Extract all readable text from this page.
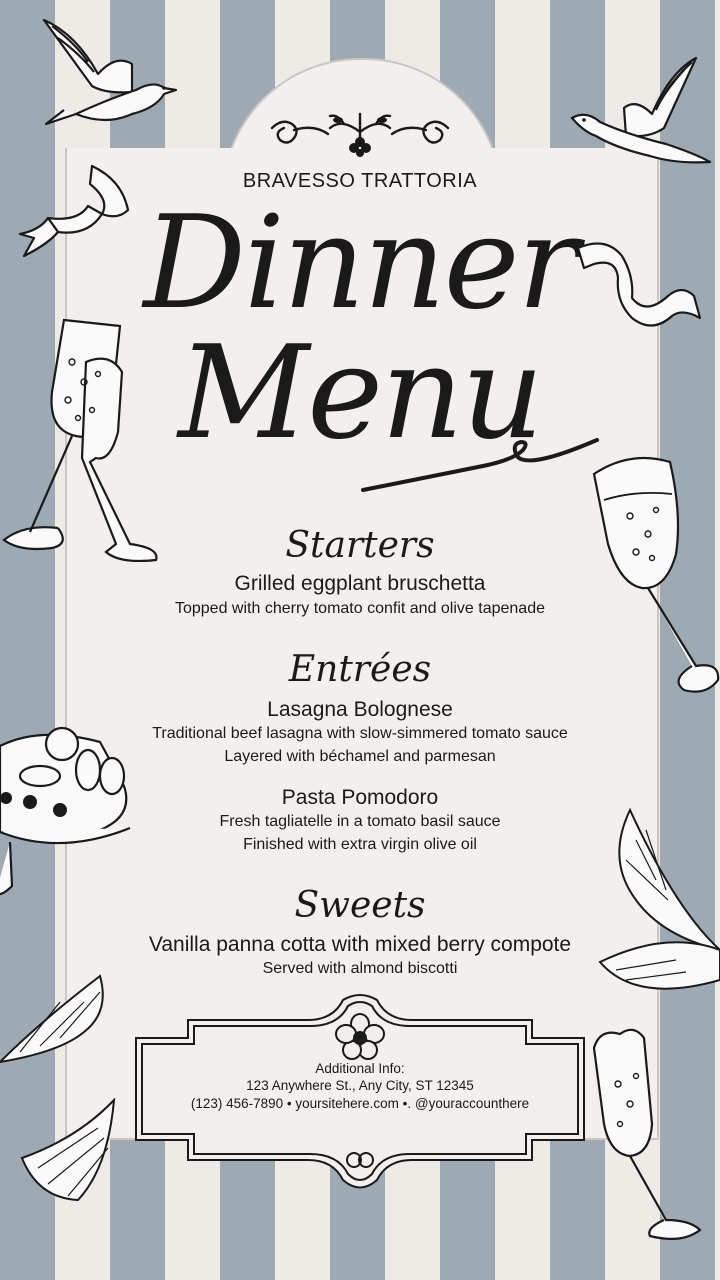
BRAVESSO TRATTORIA
Dinner
Menu
Starters
Grilled eggplant bruschetta
Topped with cherry tomato confit and olive tapenade
Entrées
Lasagna Bolognese
Traditional beef lasagna with slow-simmered tomato sauce
Layered with béchamel and parmesan
Pasta Pomodoro
Fresh tagliatelle in a tomato basil sauce
Finished with extra virgin olive oil
Sweets
Vanilla panna cotta with mixed berry compote
Served with almond biscotti
Additional Info:
123 Anywhere St., Any City, ST 12345
(123) 456-7890 • yoursitehere.com •. @youraccounthere
